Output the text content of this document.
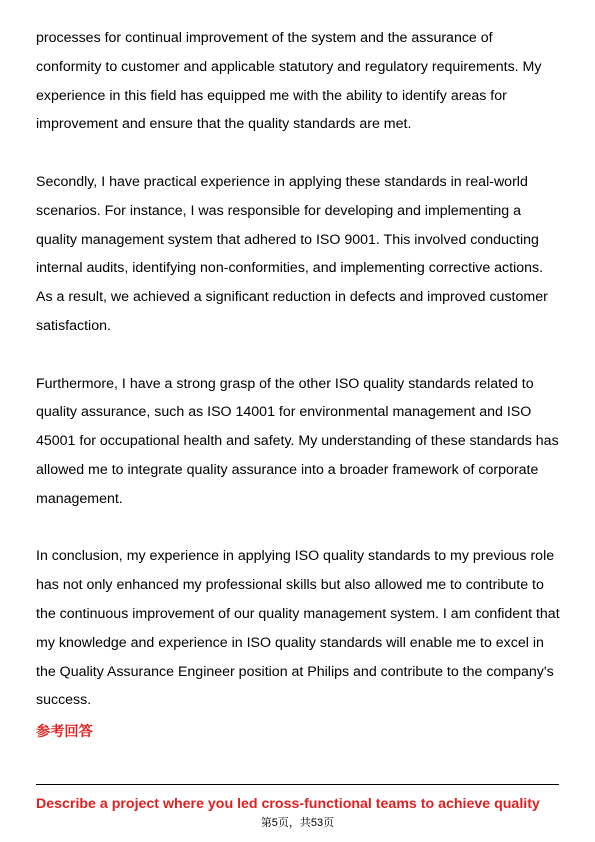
processes for continual improvement of the system and the assurance of conformity to customer and applicable statutory and regulatory requirements. My experience in this field has equipped me with the ability to identify areas for improvement and ensure that the quality standards are met.

Secondly, I have practical experience in applying these standards in real-world scenarios. For instance, I was responsible for developing and implementing a quality management system that adhered to ISO 9001. This involved conducting internal audits, identifying non-conformities, and implementing corrective actions. As a result, we achieved a significant reduction in defects and improved customer satisfaction.

Furthermore, I have a strong grasp of the other ISO quality standards related to quality assurance, such as ISO 14001 for environmental management and ISO 45001 for occupational health and safety. My understanding of these standards has allowed me to integrate quality assurance into a broader framework of corporate management.

In conclusion, my experience in applying ISO quality standards to my previous role has not only enhanced my professional skills but also allowed me to contribute to the continuous improvement of our quality management system. I am confident that my knowledge and experience in ISO quality standards will enable me to excel in the Quality Assurance Engineer position at Philips and contribute to the company's success.

参考回答
Describe a project where you led cross-functional teams to achieve quality
第5页，共53页
